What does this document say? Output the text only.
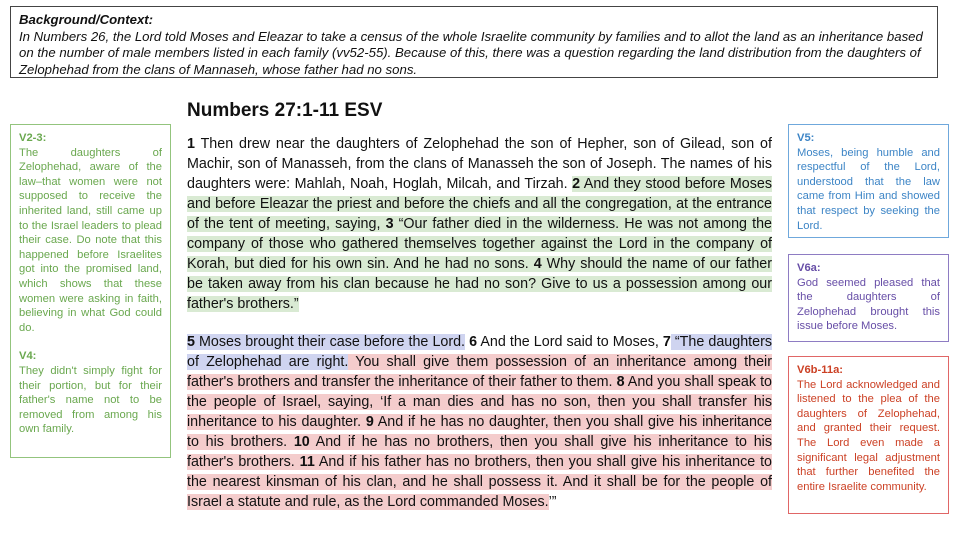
Background/Context:
In Numbers 26, the Lord told Moses and Eleazar to take a census of the whole Israelite community by families and to allot the land as an inheritance based on the number of male members listed in each family (vv52-55). Because of this, there was a question regarding the land distribution from the daughters of Zelophehad from the clans of Mannaseh, whose father had no sons.
Numbers 27:1-11 ESV
1 Then drew near the daughters of Zelophehad the son of Hepher, son of Gilead, son of Machir, son of Manasseh, from the clans of Manasseh the son of Joseph. The names of his daughters were: Mahlah, Noah, Hoglah, Milcah, and Tirzah. 2 And they stood before Moses and before Eleazar the priest and before the chiefs and all the congregation, at the entrance of the tent of meeting, saying, 3 “Our father died in the wilderness. He was not among the company of those who gathered themselves together against the Lord in the company of Korah, but died for his own sin. And he had no sons. 4 Why should the name of our father be taken away from his clan because he had no son? Give to us a possession among our father's brothers.”
5 Moses brought their case before the Lord. 6 And the Lord said to Moses, 7 “The daughters of Zelophehad are right. You shall give them possession of an inheritance among their father's brothers and transfer the inheritance of their father to them. 8 And you shall speak to the people of Israel, saying, ‘If a man dies and has no son, then you shall transfer his inheritance to his daughter. 9 And if he has no daughter, then you shall give his inheritance to his brothers. 10 And if he has no brothers, then you shall give his inheritance to his father's brothers. 11 And if his father has no brothers, then you shall give his inheritance to the nearest kinsman of his clan, and he shall possess it. And it shall be for the people of Israel a statute and rule, as the Lord commanded Moses.’”
V2-3:
The daughters of Zelophehad, aware of the law–that women were not supposed to receive the inherited land, still came up to the Israel leaders to plead their case. Do note that this happened before Israelites got into the promised land, which shows that these women were asking in faith, believing in what God could do.
V4:
They didn't simply fight for their portion, but for their father's name not to be removed from among his own family.
V5:
Moses, being humble and respectful of the Lord, understood that the law came from Him and showed that respect by seeking the Lord.
V6a:
God seemed pleased that the daughters of Zelophehad brought this issue before Moses.
V6b-11a:
The Lord acknowledged and listened to the plea of the daughters of Zelophehad, and granted their request. The Lord even made a significant legal adjustment that further benefited the entire Israelite community.
